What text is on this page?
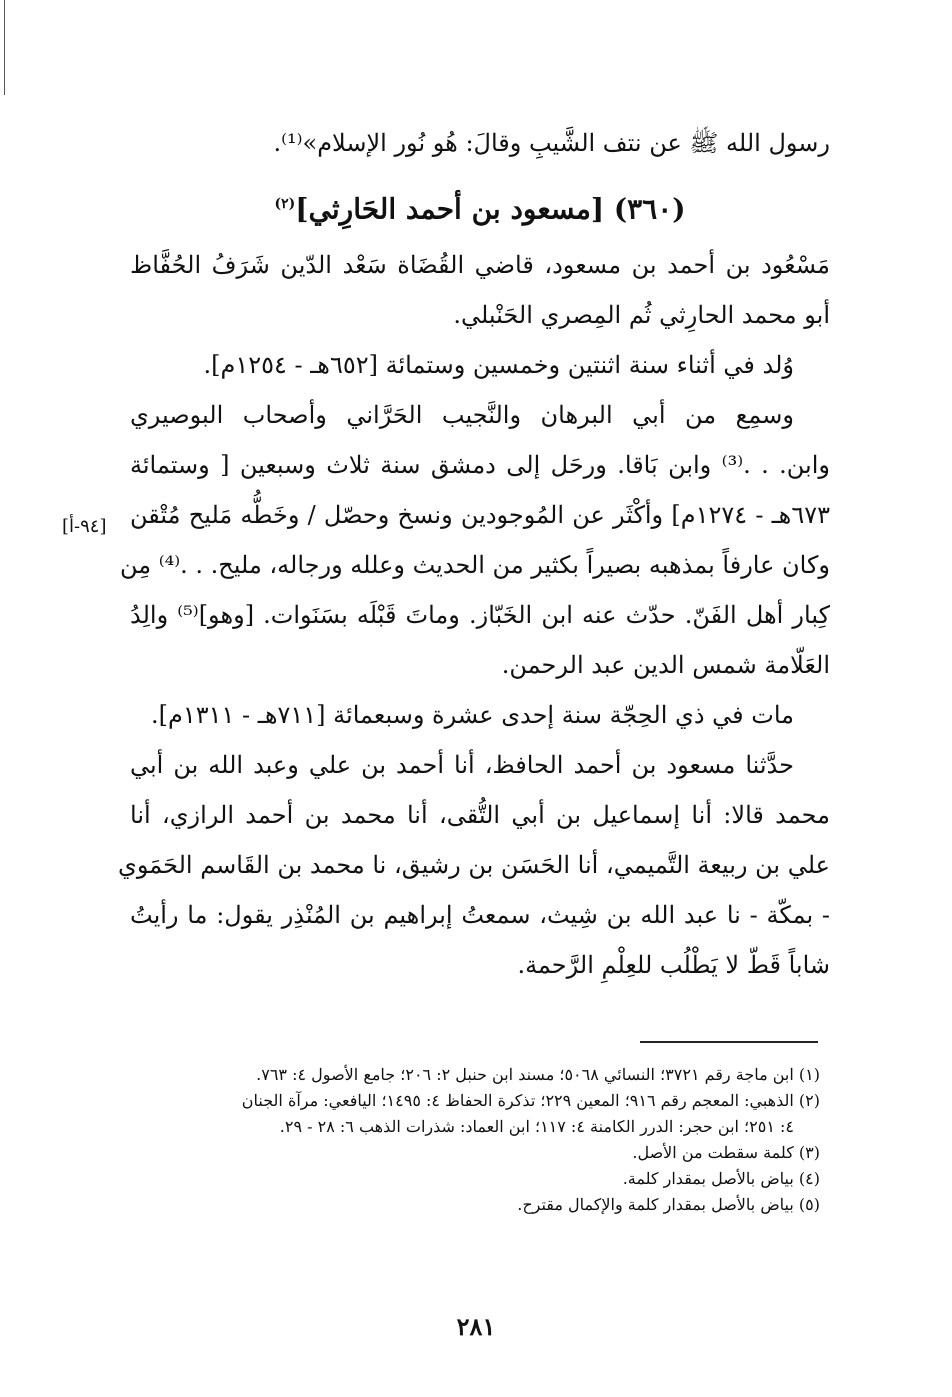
رسول الله ﷺ عن نتف الشَّيبِ وقالَ: هُو نُور الإسلام»⁽¹⁾.
(٣٦٠) [مسعود بن أحمد الحَارِثي]$^{(٢)}$
مَسْعُود بن أحمد بن مسعود، قاضي القُضَاة سَعْد الدّين شَرَفُ الحُفَّاظ
أبو محمد الحارِثي ثُم المِصري الحَنْبلي.
وُلد في أثناء سنة اثنتين وخمسين وستمائة [٦٥٢هـ - ١٢٥٤م].
وسمِع من أبي البرهان والنَّجيب الحَرَّاني وأصحاب البوصيري
وابن. . .⁽³⁾ وابن بَاقا. ورحَل إلى دمشق سنة ثلاث وسبعين [ وستمائة
٦٧٣هـ - ١٢٧٤م] وأكْثَر عن المُوجودين ونسخ وحصّل / وخَطُّه مَليح مُتْقن
وكان عارفاً بمذهبه بصيراً بكثير من الحديث وعلله ورجاله، مليح. . .⁽⁴⁾ مِن
كِبار أهل الفَنّ. حدّث عنه ابن الخَبّاز. وماتَ قَبْلَه بسَنَوات. [وهو]⁽⁵⁾ والِدُ
العَلّامة شمس الدين عبد الرحمن.
مات في ذي الحِجّة سنة إحدى عشرة وسبعمائة [٧١١هـ - ١٣١١م].
حدَّثنا مسعود بن أحمد الحافظ، أنا أحمد بن علي وعبد الله بن أبي
محمد قالا: أنا إسماعيل بن أبي التُّقى، أنا محمد بن أحمد الرازي، أنا
علي بن ربيعة التَّميمي، أنا الحَسَن بن رشيق، نا محمد بن القَاسم الحَمَوي
- بمكّة - نا عبد الله بن شِيث، سمعتُ إبراهيم بن المُنْذِر يقول: ما رأيتُ
شاباً قَطّ لا يَطْلُب للعِلْمِ الرَّحمة.
[٩٤-أ]
(١) ابن ماجة رقم ٣٧٢١؛ النسائي ٥٠٦٨؛ مسند ابن حنبل ٢: ٢٠٦؛ جامع الأصول ٤: ٧٦٣.
(٢) الذهبي: المعجم رقم ٩١٦؛ المعين ٢٢٩؛ تذكرة الحفاظ ٤: ١٤٩٥؛ اليافعي: مرآة الجنان
٤: ٢٥١؛ ابن حجر: الدرر الكامنة ٤: ١١٧؛ ابن العماد: شذرات الذهب ٦: ٢٨ - ٢٩.
(٣) كلمة سقطت من الأصل.
(٤) بياض بالأصل بمقدار كلمة.
(٥) بياض بالأصل بمقدار كلمة والإكمال مقترح.
٢٨١
